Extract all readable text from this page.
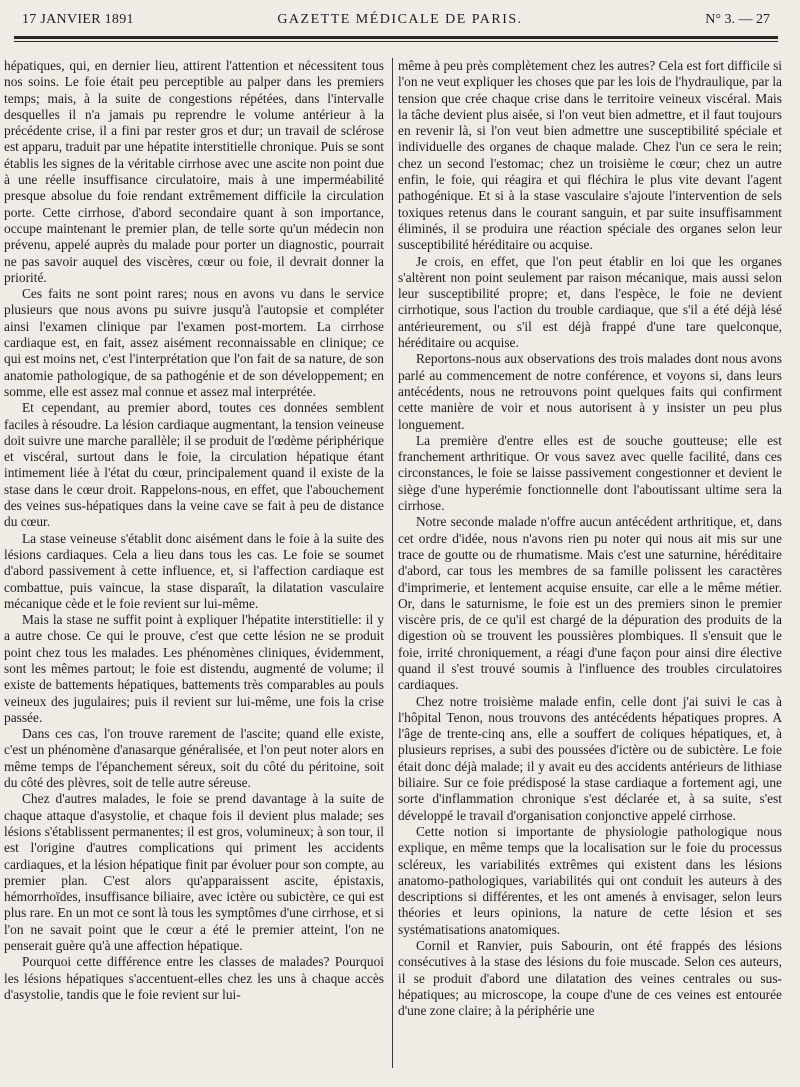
17 JANVIER 1891	GAZETTE MÉDICALE DE PARIS.	N° 3. — 27

hépatiques, qui, en dernier lieu, attirent l'attention et nécessitent tous nos soins. Le foie était peu perceptible au palper dans les premiers temps; mais, à la suite de congestions répétées, dans l'intervalle desquelles il n'a jamais pu reprendre le volume antérieur à la précédente crise, il a fini par rester gros et dur; un travail de sclérose est apparu, traduit par une hépatite interstitielle chronique. Puis se sont établis les signes de la véritable cirrhose avec une ascite non point due à une réelle insuffisance circulatoire, mais à une imperméabilité presque absolue du foie rendant extrêmement difficile la circulation porte. Cette cirrhose, d'abord secondaire quant à son importance, occupe maintenant le premier plan, de telle sorte qu'un médecin non prévenu, appelé auprès du malade pour porter un diagnostic, pourrait ne pas savoir auquel des viscères, cœur ou foie, il devrait donner la priorité.

Ces faits ne sont point rares; nous en avons vu dans le service plusieurs que nous avons pu suivre jusqu'à l'autopsie et compléter ainsi l'examen clinique par l'examen post-mortem. La cirrhose cardiaque est, en fait, assez aisément reconnaissable en clinique; ce qui est moins net, c'est l'interprétation que l'on fait de sa nature, de son anatomie pathologique, de sa pathogénie et de son développement; en somme, elle est assez mal connue et assez mal interprétée.

Et cependant, au premier abord, toutes ces données semblent faciles à résoudre. La lésion cardiaque augmentant, la tension veineuse doit suivre une marche parallèle; il se produit de l'œdème périphérique et viscéral, surtout dans le foie, la circulation hépatique étant intimement liée à l'état du cœur, principalement quand il existe de la stase dans le cœur droit. Rappelons-nous, en effet, que l'abouchement des veines sus-hépatiques dans la veine cave se fait à peu de distance du cœur.

La stase veineuse s'établit donc aisément dans le foie à la suite des lésions cardiaques. Cela a lieu dans tous les cas. Le foie se soumet d'abord passivement à cette influence, et, si l'affection cardiaque est combattue, puis vaincue, la stase disparaît, la dilatation vasculaire mécanique cède et le foie revient sur lui-même.

Mais la stase ne suffit point à expliquer l'hépatite interstitielle: il y a autre chose. Ce qui le prouve, c'est que cette lésion ne se produit point chez tous les malades. Les phénomènes cliniques, évidemment, sont les mêmes partout; le foie est distendu, augmenté de volume; il existe de battements hépatiques, battements très comparables au pouls veineux des jugulaires; puis il revient sur lui-même, une fois la crise passée.

Dans ces cas, l'on trouve rarement de l'ascite; quand elle existe, c'est un phénomène d'anasarque généralisée, et l'on peut noter alors en même temps de l'épanchement séreux, soit du côté du péritoine, soit du côté des plèvres, soit de telle autre séreuse.

Chez d'autres malades, le foie se prend davantage à la suite de chaque attaque d'asystolie, et chaque fois il devient plus malade; ses lésions s'établissent permanentes; il est gros, volumineux; à son tour, il est l'origine d'autres complications qui priment les accidents cardiaques, et la lésion hépatique finit par évoluer pour son compte, au premier plan. C'est alors qu'apparaissent ascite, épistaxis, hémorrhoïdes, insuffisance biliaire, avec ictère ou subictère, ce qui est plus rare. En un mot ce sont là tous les symptômes d'une cirrhose, et si l'on ne savait point que le cœur a été le premier atteint, l'on ne penserait guère qu'à une affection hépatique.

Pourquoi cette différence entre les classes de malades? Pourquoi les lésions hépatiques s'accentuent-elles chez les uns à chaque accès d'asystolie, tandis que le foie revient sur lui-

même à peu près complètement chez les autres? Cela est fort difficile si l'on ne veut expliquer les choses que par les lois de l'hydraulique, par la tension que crée chaque crise dans le territoire veineux viscéral. Mais la tâche devient plus aisée, si l'on veut bien admettre, et il faut toujours en revenir là, si l'on veut bien admettre une susceptibilité spéciale et individuelle des organes de chaque malade. Chez l'un ce sera le rein; chez un second l'estomac; chez un troisième le cœur; chez un autre enfin, le foie, qui réagira et qui fléchira le plus vite devant l'agent pathogénique. Et si à la stase vasculaire s'ajoute l'intervention de sels toxiques retenus dans le courant sanguin, et par suite insuffisamment éliminés, il se produira une réaction spéciale des organes selon leur susceptibilité héréditaire ou acquise.

Je crois, en effet, que l'on peut établir en loi que les organes s'altèrent non point seulement par raison mécanique, mais aussi selon leur susceptibilité propre; et, dans l'espèce, le foie ne devient cirrhotique, sous l'action du trouble cardiaque, que s'il a été déjà lésé antérieurement, ou s'il est déjà frappé d'une tare quelconque, héréditaire ou acquise.

Reportons-nous aux observations des trois malades dont nous avons parlé au commencement de notre conférence, et voyons si, dans leurs antécédents, nous ne retrouvons point quelques faits qui confirment cette manière de voir et nous autorisent à y insister un peu plus longuement.

La première d'entre elles est de souche goutteuse; elle est franchement arthritique. Or vous savez avec quelle facilité, dans ces circonstances, le foie se laisse passivement congestionner et devient le siège d'une hyperémie fonctionnelle dont l'aboutissant ultime sera la cirrhose.

Notre seconde malade n'offre aucun antécédent arthritique, et, dans cet ordre d'idée, nous n'avons rien pu noter qui nous ait mis sur une trace de goutte ou de rhumatisme. Mais c'est une saturnine, héréditaire d'abord, car tous les membres de sa famille polissent les caractères d'imprimerie, et lentement acquise ensuite, car elle a le même métier. Or, dans le saturnisme, le foie est un des premiers sinon le premier viscère pris, de ce qu'il est chargé de la dépuration des produits de la digestion où se trouvent les poussières plombiques. Il s'ensuit que le foie, irrité chroniquement, a réagi d'une façon pour ainsi dire élective quand il s'est trouvé soumis à l'influence des troubles circulatoires cardiaques.

Chez notre troisième malade enfin, celle dont j'ai suivi le cas à l'hôpital Tenon, nous trouvons des antécédents hépatiques propres. A l'âge de trente-cinq ans, elle a souffert de coliques hépatiques, et, à plusieurs reprises, a subi des poussées d'ictère ou de subictère. Le foie était donc déjà malade; il y avait eu des accidents antérieurs de lithiase biliaire. Sur ce foie prédisposé la stase cardiaque a fortement agi, une sorte d'inflammation chronique s'est déclarée et, à sa suite, s'est développé le travail d'organisation conjonctive appelé cirrhose.

Cette notion si importante de physiologie pathologique nous explique, en même temps que la localisation sur le foie du processus scléreux, les variabilités extrêmes qui existent dans les lésions anatomo-pathologiques, variabilités qui ont conduit les auteurs à des descriptions si différentes, et les ont amenés à envisager, selon leurs théories et leurs opinions, la nature de cette lésion et ses systématisations anatomiques.

Cornil et Ranvier, puis Sabourin, ont été frappés des lésions consécutives à la stase des lésions du foie muscade. Selon ces auteurs, il se produit d'abord une dilatation des veines centrales ou sus-hépatiques; au microscope, la coupe d'une de ces veines est entourée d'une zone claire; à la périphérie une
